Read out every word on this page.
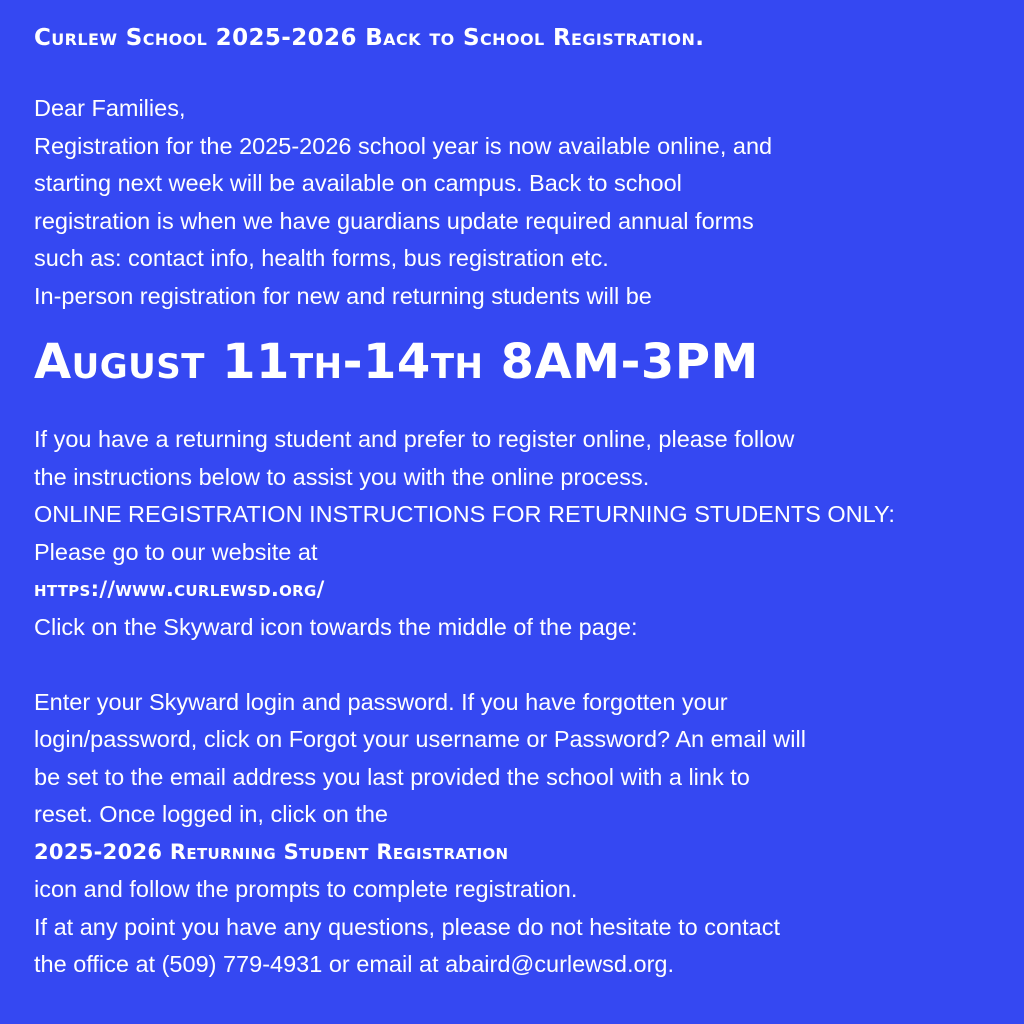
Curlew School 2025-2026 Back to School Registration.

Dear Families,

Registration for the 2025-2026 school year is now available online, and

starting next week will be available on campus. Back to school

registration is when we have guardians update required annual forms

such as: contact info, health forms, bus registration etc.

In-person registration for new and returning students will be

August 11th-14th 8AM-3PM

If you have a returning student and prefer to register online, please follow

the instructions below to assist you with the online process.

ONLINE REGISTRATION INSTRUCTIONS FOR RETURNING STUDENTS ONLY:

Please go to our website at

https://www.curlewsd.org/

Click on the Skyward icon towards the middle of the page:

Enter your Skyward login and password. If you have forgotten your

login/password, click on Forgot your username or Password? An email will

be set to the email address you last provided the school with a link to

reset. Once logged in, click on the

2025-2026 Returning Student Registration

icon and follow the prompts to complete registration.

If at any point you have any questions, please do not hesitate to contact

the office at (509) 779-4931 or email at abaird@curlewsd.org.
